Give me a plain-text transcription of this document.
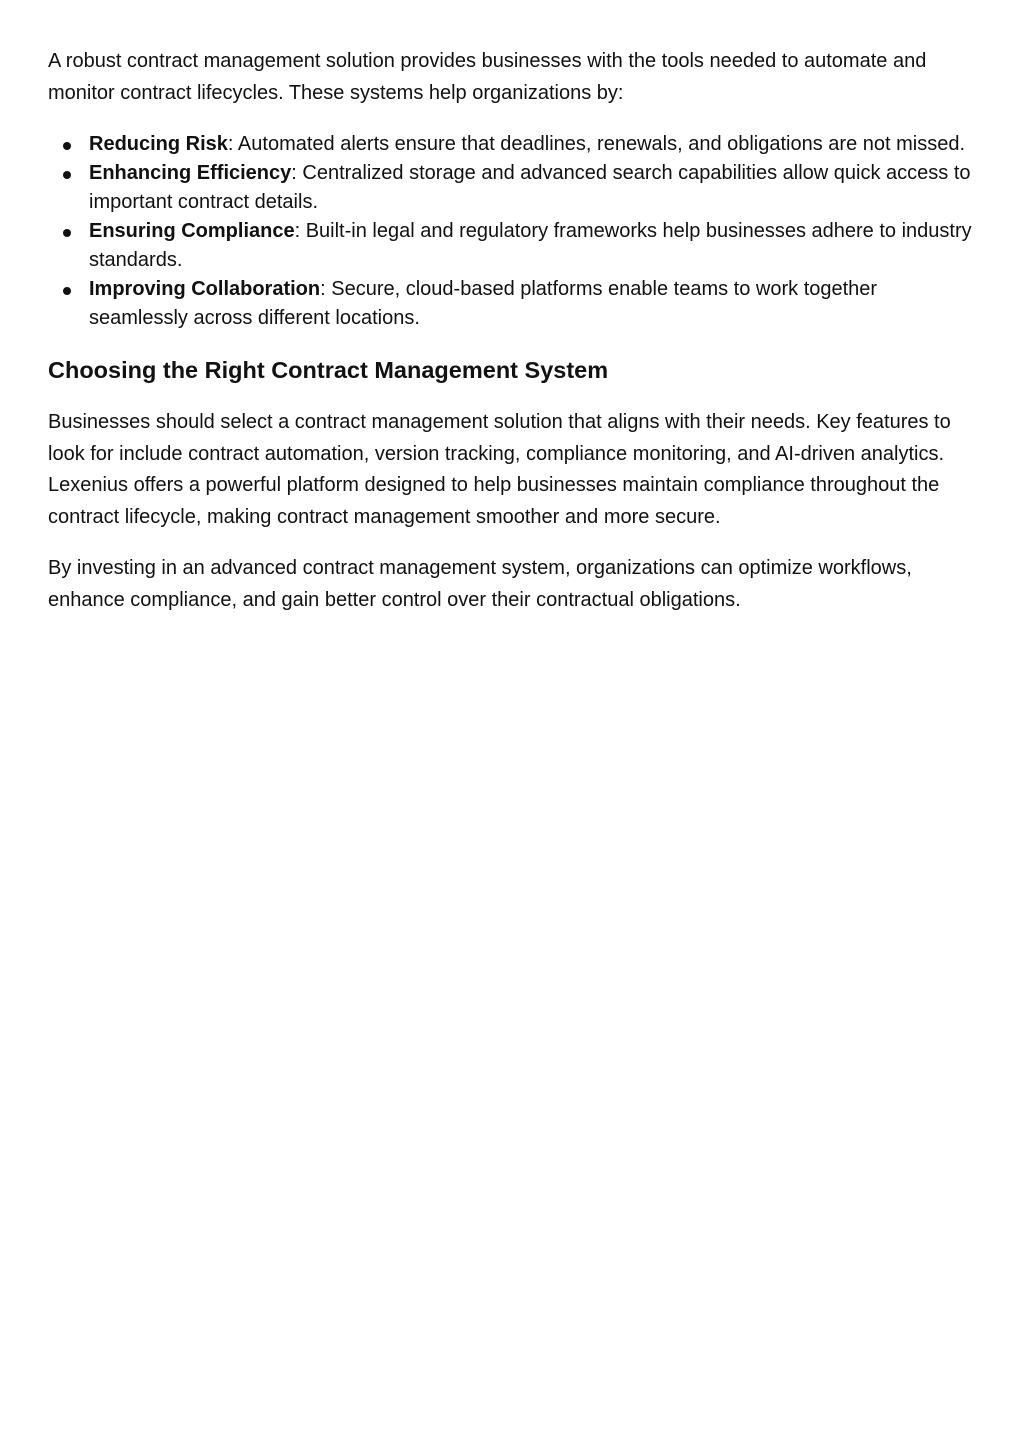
A robust contract management solution provides businesses with the tools needed to automate and monitor contract lifecycles. These systems help organizations by:

Reducing Risk: Automated alerts ensure that deadlines, renewals, and obligations are not missed.
Enhancing Efficiency: Centralized storage and advanced search capabilities allow quick access to important contract details.
Ensuring Compliance: Built-in legal and regulatory frameworks help businesses adhere to industry standards.
Improving Collaboration: Secure, cloud-based platforms enable teams to work together seamlessly across different locations.
Choosing the Right Contract Management System

Businesses should select a contract management solution that aligns with their needs. Key features to look for include contract automation, version tracking, compliance monitoring, and AI-driven analytics. Lexenius offers a powerful platform designed to help businesses maintain compliance throughout the contract lifecycle, making contract management smoother and more secure.

By investing in an advanced contract management system, organizations can optimize workflows, enhance compliance, and gain better control over their contractual obligations.
